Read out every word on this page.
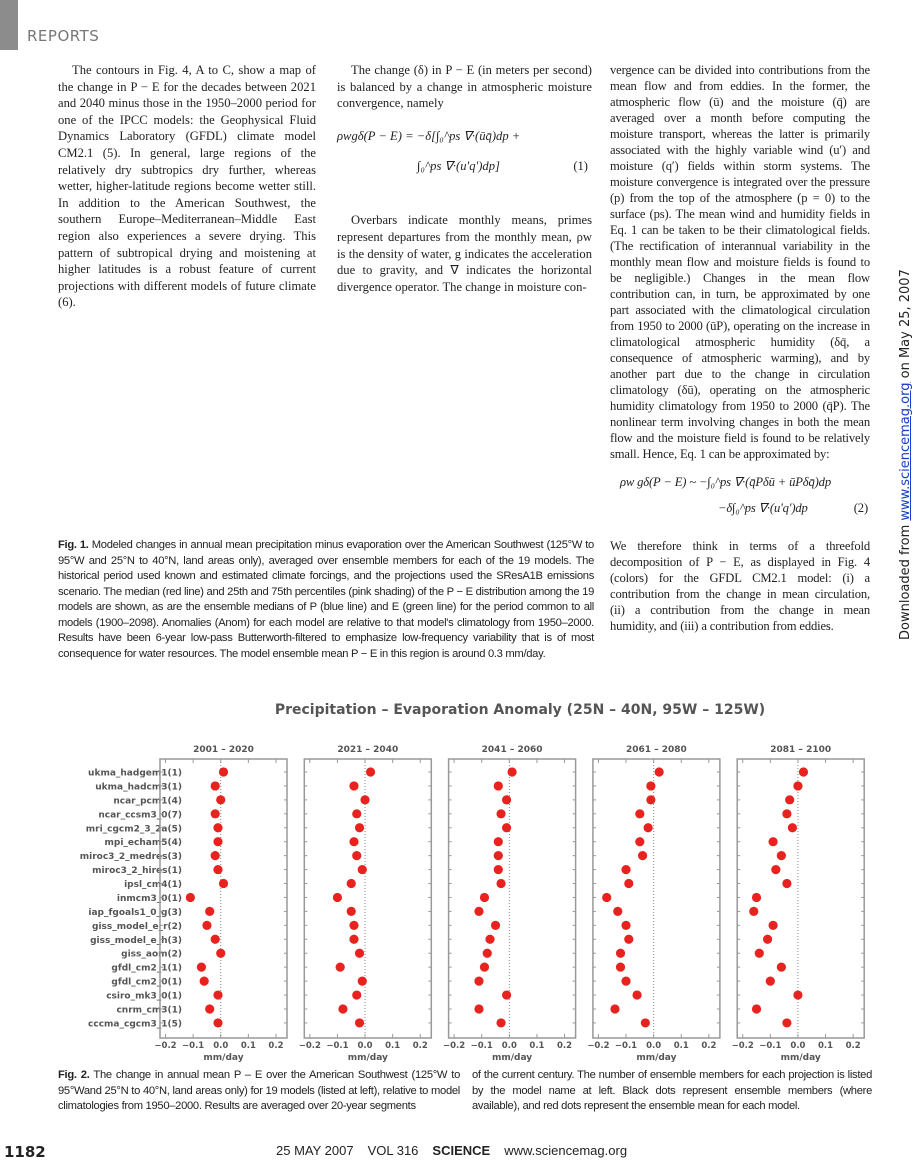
REPORTS

The contours in Fig. 4, A to C, show a map of the change in P − E for the decades between 2021 and 2040 minus those in the 1950–2000 period for one of the IPCC models: the Geophysical Fluid Dynamics Laboratory (GFDL) climate model CM2.1 (5). In general, large regions of the relatively dry subtropics dry further, whereas wetter, higher-latitude regions become wetter still. In addition to the American Southwest, the southern Europe–Mediterranean–Middle East region also experiences a severe drying. This pattern of subtropical drying and moistening at higher latitudes is a robust feature of current projections with different models of future climate (6).

The change (δ) in P − E (in meters per second) is balanced by a change in atmospheric moisture convergence, namely

ρwgδ(P − E) = −δ[∫₀^ps ∇·(ūq̄)dp +
∫₀^ps ∇·(u'q')dp]	(1)

Overbars indicate monthly means, primes represent departures from the monthly mean, ρw is the density of water, g indicates the acceleration due to gravity, and ∇ indicates the horizontal divergence operator. The change in moisture con-

vergence can be divided into contributions from the mean flow and from eddies. In the former, the atmospheric flow (ū) and the moisture (q̄) are averaged over a month before computing the moisture transport, whereas the latter is primarily associated with the highly variable wind (u′) and moisture (q′) fields within storm systems. The moisture convergence is integrated over the pressure (p) from the top of the atmosphere (p = 0) to the surface (ps). The mean wind and humidity fields in Eq. 1 can be taken to be their climatological fields. (The rectification of interannual variability in the monthly mean flow and moisture fields is found to be negligible.) Changes in the mean flow contribution can, in turn, be approximated by one part associated with the climatological circulation from 1950 to 2000 (ūP), operating on the increase in climatological atmospheric humidity (δq̄, a consequence of atmospheric warming), and by another part due to the change in circulation climatology (δū), operating on the atmospheric humidity climatology from 1950 to 2000 (q̄P). The nonlinear term involving changes in both the mean flow and the moisture field is found to be relatively small. Hence, Eq. 1 can be approximated by:

ρw gδ(P − E) ~ −∫₀^ps ∇·(q̄Pδū + ūPδq̄)dp
−δ∫₀^ps ∇·(u'q')dp	(2)

We therefore think in terms of a threefold decomposition of P − E, as displayed in Fig. 4 (colors) for the GFDL CM2.1 model: (i) a contribution from the change in mean circulation, (ii) a contribution from the change in mean humidity, and (iii) a contribution from eddies.

Fig. 1. Modeled changes in annual mean precipitation minus evaporation over the American Southwest (125°W to 95°W and 25°N to 40°N, land areas only), averaged over ensemble members for each of the 19 models. The historical period used known and estimated climate forcings, and the projections used the SResA1B emissions scenario. The median (red line) and 25th and 75th percentiles (pink shading) of the P − E distribution among the 19 models are shown, as are the ensemble medians of P (blue line) and E (green line) for the period common to all models (1900–2098). Anomalies (Anom) for each model are relative to that model's climatology from 1950–2000. Results have been 6-year low-pass Butterworth-filtered to emphasize low-frequency variability that is of most consequence for water resources. The model ensemble mean P − E in this region is around 0.3 mm/day.
Precipitation – Evaporation Anomaly (25N – 40N, 95W – 125W)
ukma_hadgem1(1)
ukma_hadcm3(1)
ncar_pcm1(4)
ncar_ccsm3_0(7)
mri_cgcm2_3_2a(5)
mpi_echam5(4)
miroc3_2_medres(3)
miroc3_2_hires(1)
ipsl_cm4(1)
inmcm3_0(1)
iap_fgoals1_0_g(3)
giss_model_e_r(2)
giss_model_e_h(3)
giss_aom(2)
gfdl_cm2_1(1)
gfdl_cm2_0(1)
csiro_mk3_0(1)
cnrm_cm3(1)
cccma_cgcm3_1(5)
2001 – 2020
−0.2 −0.1 0.0 0.1 0.2
mm/day
2021 – 2040
−0.2 −0.1 0.0 0.1 0.2
mm/day
2041 – 2060
−0.2 −0.1 0.0 0.1 0.2
mm/day
2061 – 2080
−0.2 −0.1 0.0 0.1 0.2
mm/day
2081 – 2100
−0.2 −0.1 0.0 0.1 0.2
mm/day
Fig. 2. The change in annual mean P – E over the American Southwest (125°W to 95°Wand 25°N to 40°N, land areas only) for 19 models (listed at left), relative to model climatologies from 1950–2000. Results are averaged over 20-year segments
of the current century. The number of ensemble members for each projection is listed by the model name at left. Black dots represent ensemble members (where available), and red dots represent the ensemble mean for each model.
Downloaded from www.sciencemag.org on May 25, 2007
1182	25 MAY 2007 VOL 316 SCIENCE www.sciencemag.org
